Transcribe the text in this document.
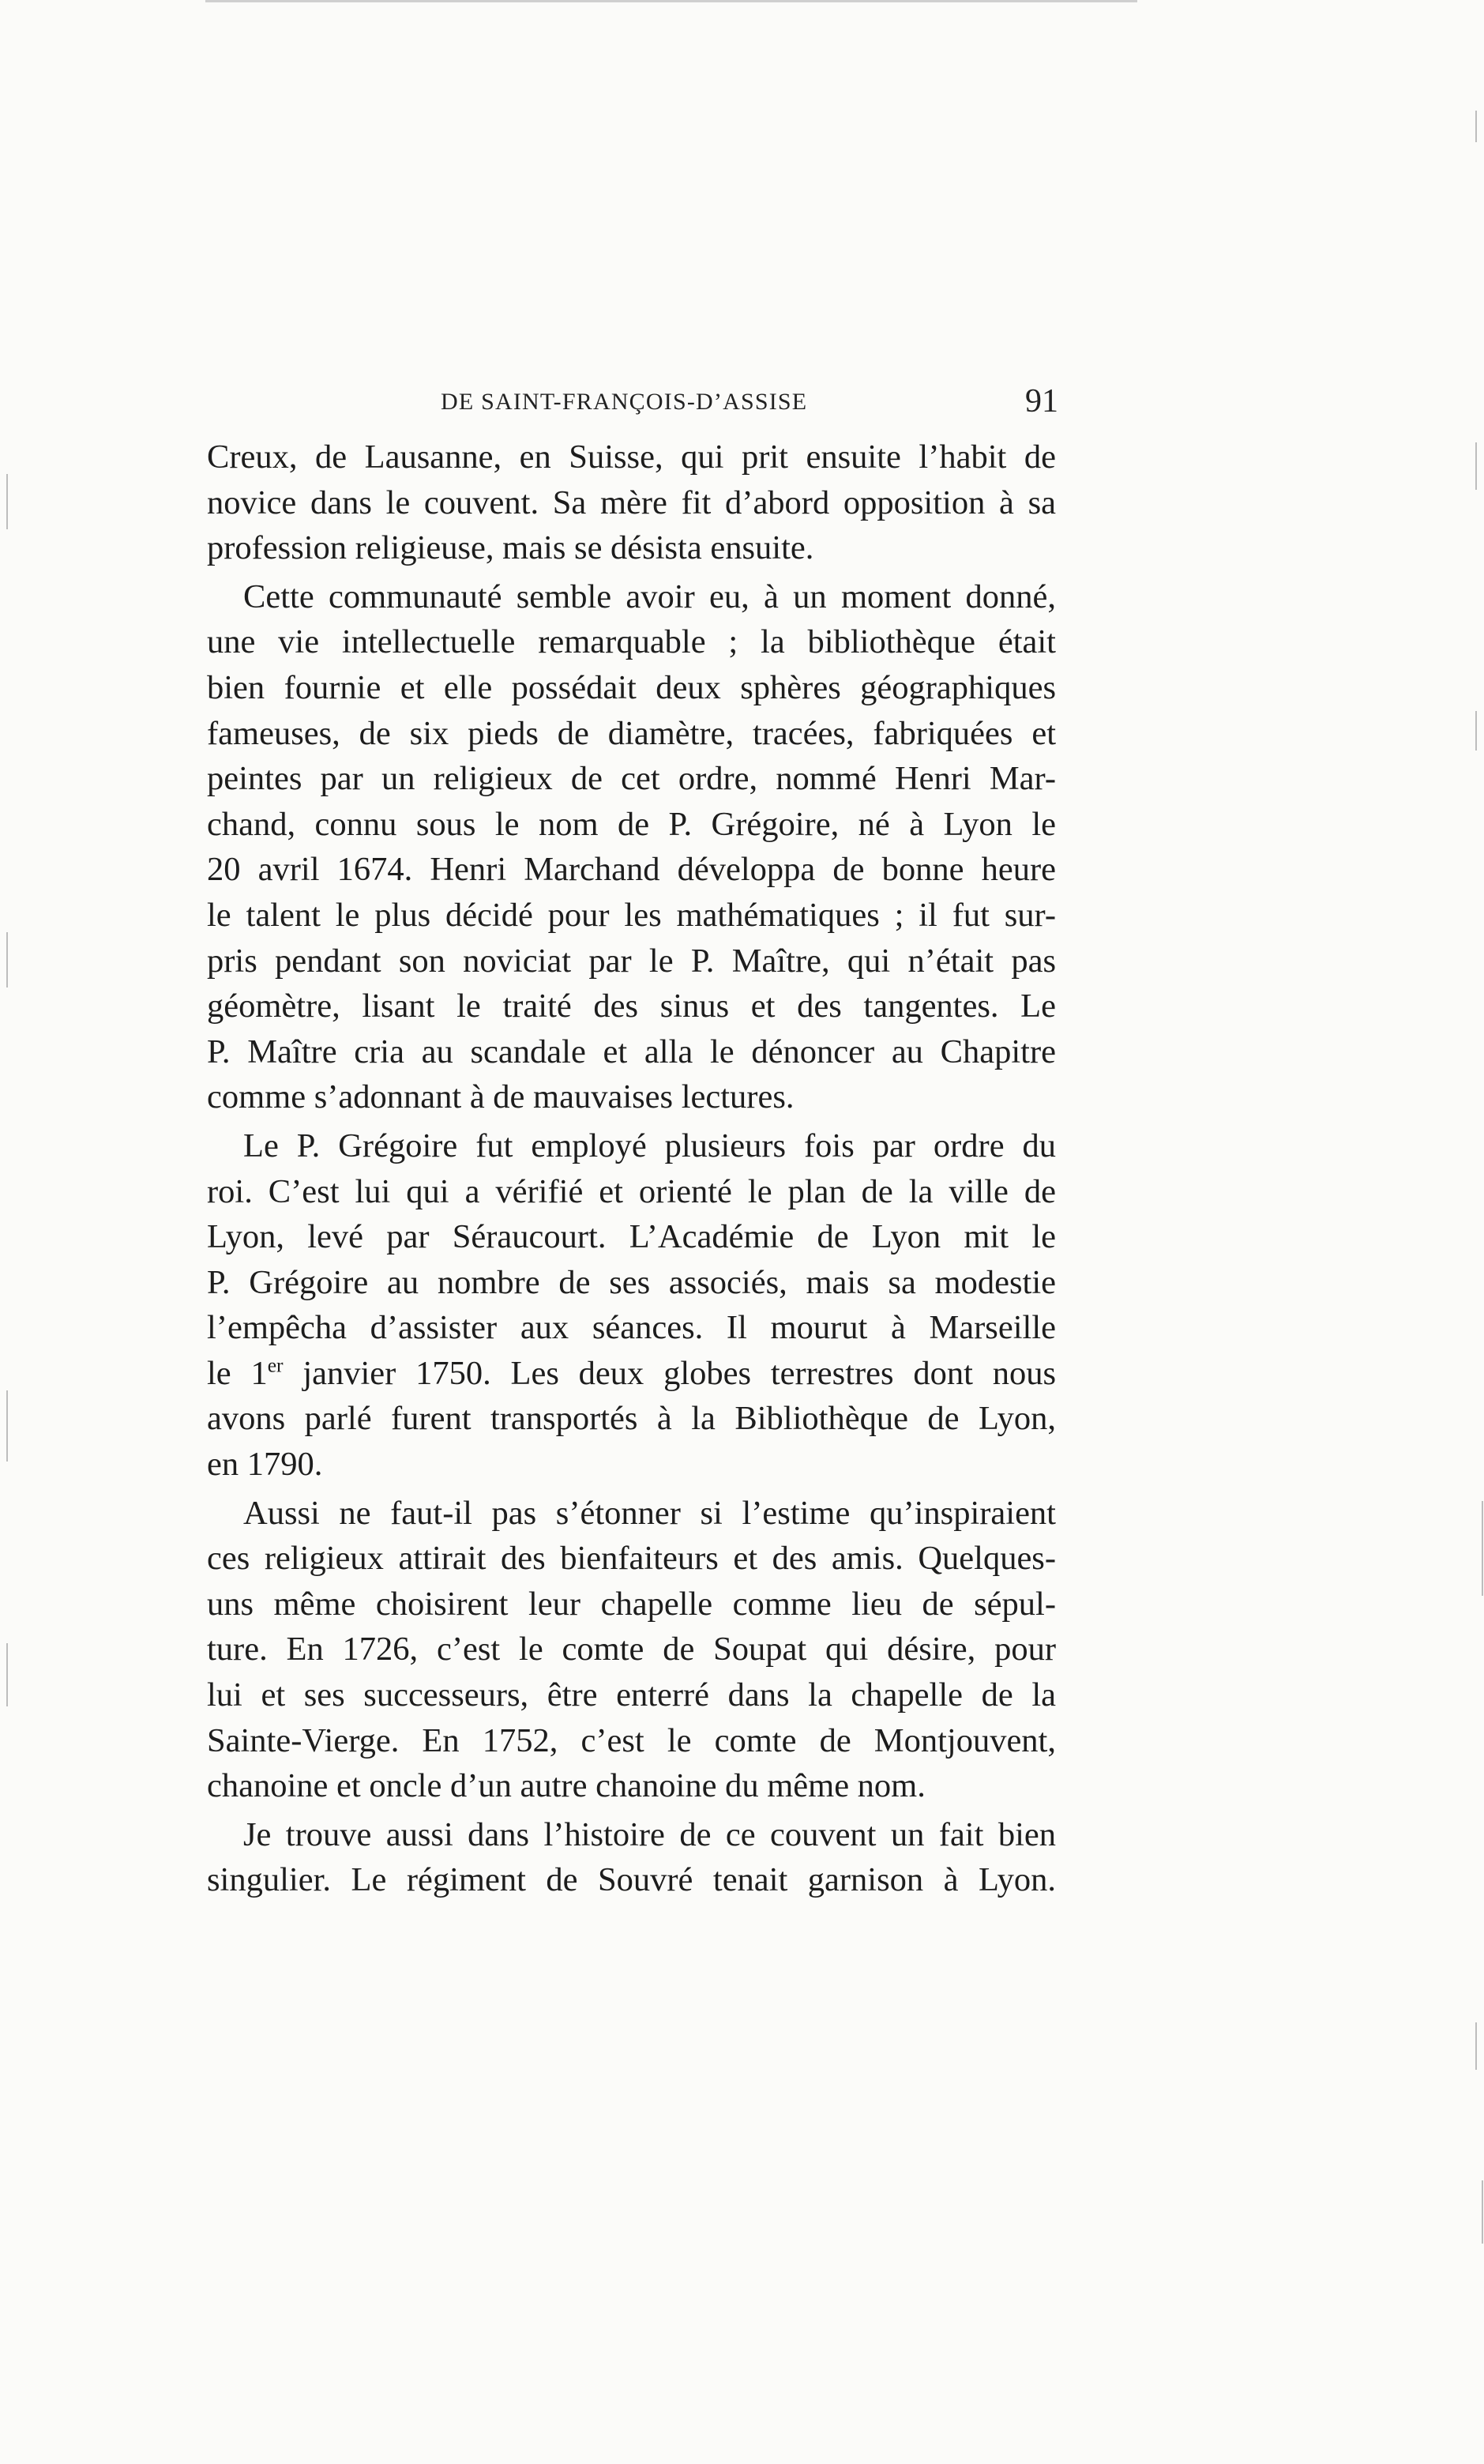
DE SAINT-FRANÇOIS-D’ASSISE	91
Creux, de Lausanne, en Suisse, qui prit ensuite l’habit de
novice dans le couvent. Sa mère fit d’abord opposition à sa
profession religieuse, mais se désista ensuite.
Cette communauté semble avoir eu, à un moment donné,
une vie intellectuelle remarquable ; la bibliothèque était
bien fournie et elle possédait deux sphères géographiques
fameuses, de six pieds de diamètre, tracées, fabriquées et
peintes par un religieux de cet ordre, nommé Henri Mar-
chand, connu sous le nom de P. Grégoire, né à Lyon le
20 avril 1674. Henri Marchand développa de bonne heure
le talent le plus décidé pour les mathématiques ; il fut sur-
pris pendant son noviciat par le P. Maître, qui n’était pas
géomètre, lisant le traité des sinus et des tangentes. Le
P. Maître cria au scandale et alla le dénoncer au Chapitre
comme s’adonnant à de mauvaises lectures.
Le P. Grégoire fut employé plusieurs fois par ordre du
roi. C’est lui qui a vérifié et orienté le plan de la ville de
Lyon, levé par Séraucourt. L’Académie de Lyon mit le
P. Grégoire au nombre de ses associés, mais sa modestie
l’empêcha d’assister aux séances. Il mourut à Marseille
le 1er janvier 1750. Les deux globes terrestres dont nous
avons parlé furent transportés à la Bibliothèque de Lyon,
en 1790.
Aussi ne faut-il pas s’étonner si l’estime qu’inspiraient
ces religieux attirait des bienfaiteurs et des amis. Quelques-
uns même choisirent leur chapelle comme lieu de sépul-
ture. En 1726, c’est le comte de Soupat qui désire, pour
lui et ses successeurs, être enterré dans la chapelle de la
Sainte-Vierge. En 1752, c’est le comte de Montjouvent,
chanoine et oncle d’un autre chanoine du même nom.
Je trouve aussi dans l’histoire de ce couvent un fait bien
singulier. Le régiment de Souvré tenait garnison à Lyon.
